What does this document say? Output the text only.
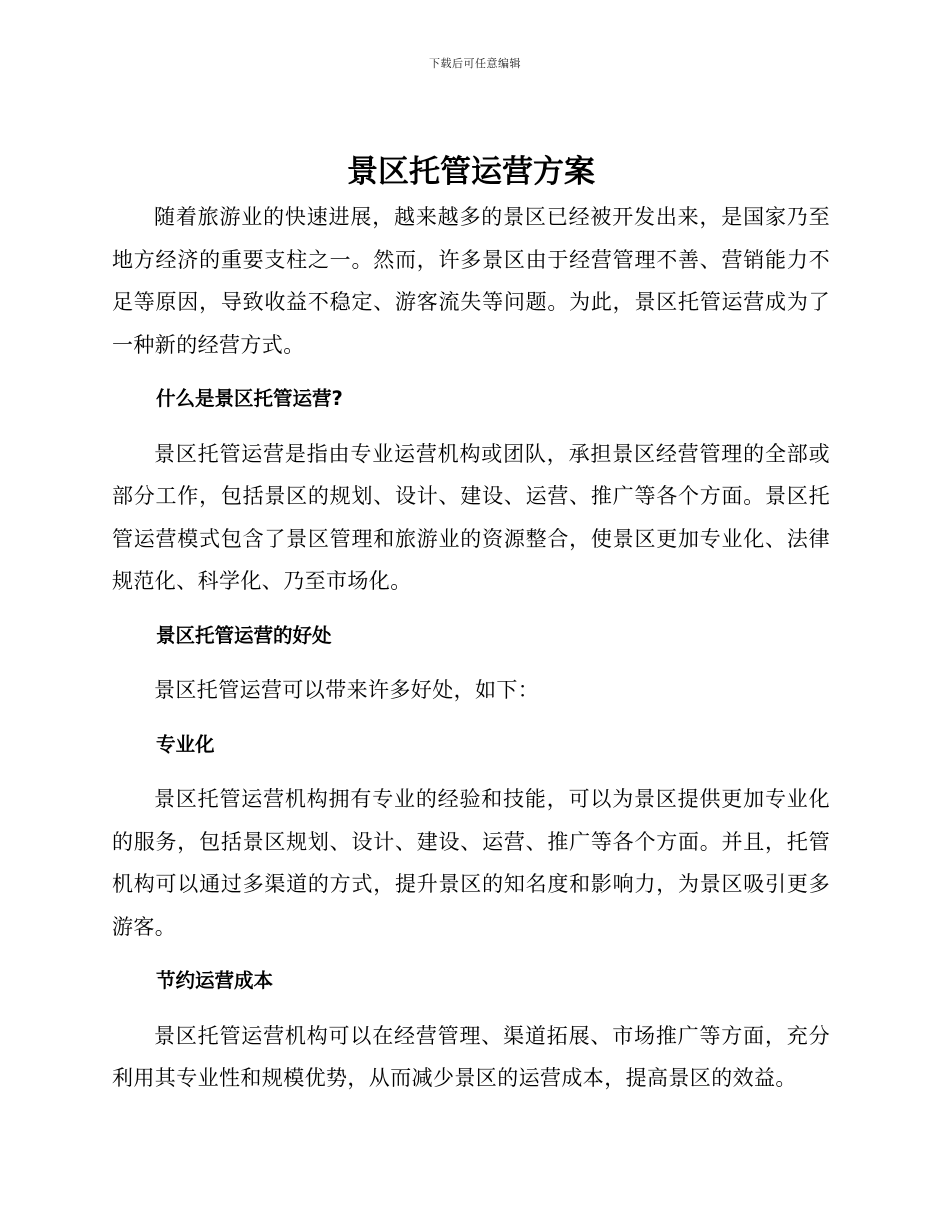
下载后可任意编辑
景区托管运营方案

随着旅游业的快速进展，越来越多的景区已经被开发出来，是国家乃至地方经济的重要支柱之一。然而，许多景区由于经营管理不善、营销能力不足等原因，导致收益不稳定、游客流失等问题。为此，景区托管运营成为了一种新的经营方式。

什么是景区托管运营?

景区托管运营是指由专业运营机构或团队，承担景区经营管理的全部或部分工作，包括景区的规划、设计、建设、运营、推广等各个方面。景区托管运营模式包含了景区管理和旅游业的资源整合，使景区更加专业化、法律规范化、科学化、乃至市场化。

景区托管运营的好处

景区托管运营可以带来许多好处，如下：

专业化

景区托管运营机构拥有专业的经验和技能，可以为景区提供更加专业化的服务，包括景区规划、设计、建设、运营、推广等各个方面。并且，托管机构可以通过多渠道的方式，提升景区的知名度和影响力，为景区吸引更多游客。

节约运营成本

景区托管运营机构可以在经营管理、渠道拓展、市场推广等方面，充分利用其专业性和规模优势，从而减少景区的运营成本，提高景区的效益。
